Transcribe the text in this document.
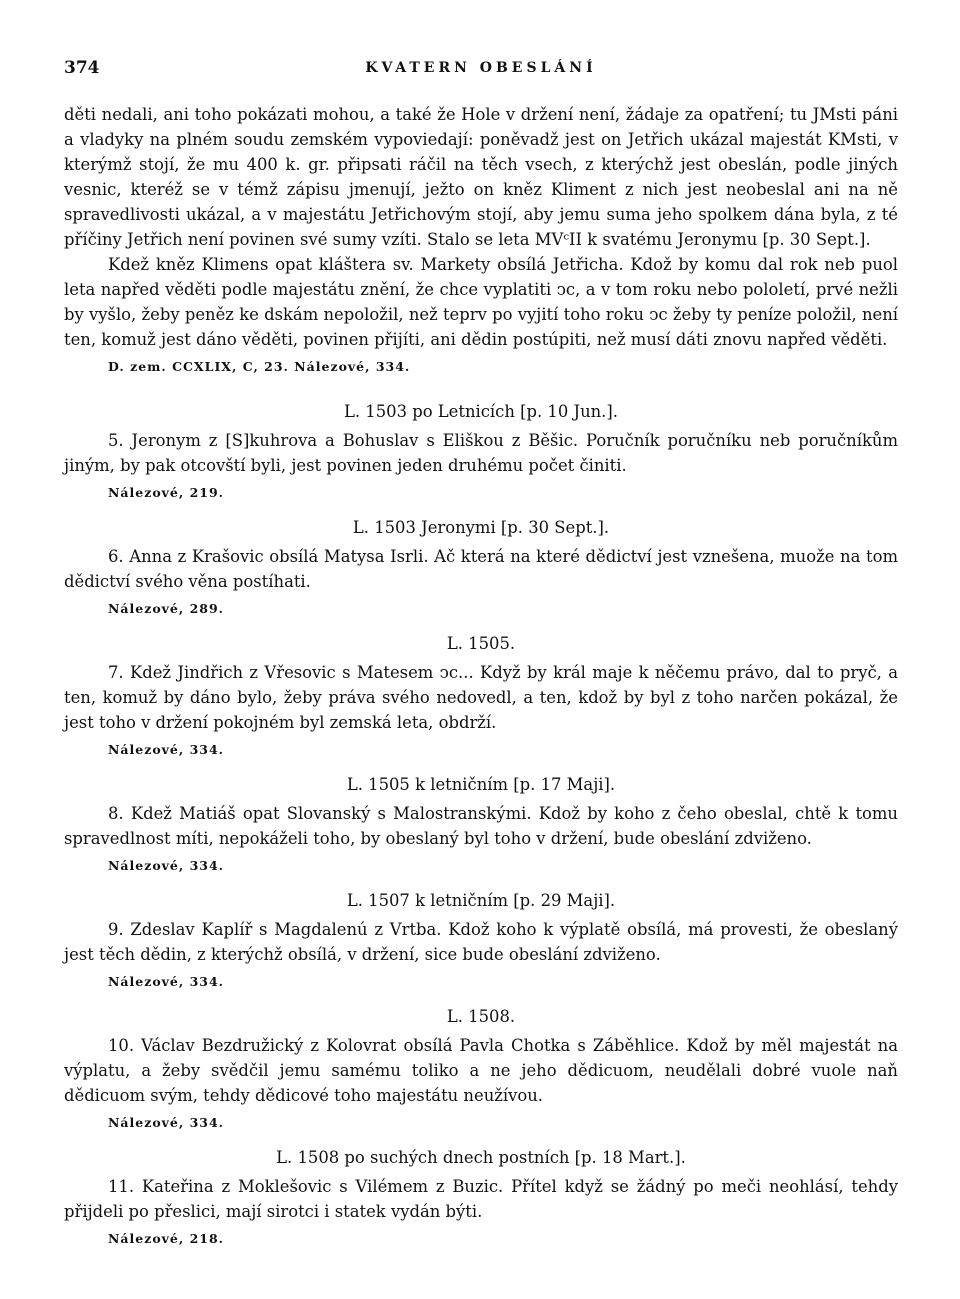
374	KVATERN OBESLÁNÍ

děti nedali, ani toho pokázati mohou, a také že Hole v držení není, žádaje za opatření; tu JMsti páni a vladyky na plném soudu zemském vypoviedají: poněvadž jest on Jetřich ukázal majestát KMsti, v kterýmž stojí, že mu 400 k. gr. připsati ráčil na těch vsech, z kterýchž jest obeslán, podle jiných vesnic, kteréž se v témž zápisu jmenují, ježto on kněz Kliment z nich jest neobeslal ani na ně spravedlivosti ukázal, a v majestátu Jetřichovým stojí, aby jemu suma jeho spolkem dána byla, z té příčiny Jetřich není povinen své sumy vzíti. Stalo se leta MVᶜII k svatému Jeronymu [p. 30 Sept.].

Kdež kněz Klimens opat kláštera sv. Markety obsílá Jetřicha. Kdož by komu dal rok neb puol leta napřed věděti podle majestátu znění, že chce vyplatiti ↄc, a v tom roku nebo pololetí, prvé nežli by vyšlo, žeby peněz ke dskám nepoložil, než teprv po vyjití toho roku ↄc žeby ty peníze položil, není ten, komuž jest dáno věděti, povinen přijíti, ani dědin postúpiti, než musí dáti znovu napřed věděti.

D. zem. CCXLIX, C, 23. Nálezové, 334.
L. 1503 po Letnicích [p. 10 Jun.].

5. Jeronym z [S]kuhrova a Bohuslav s Eliškou z Běšic. Poručník poručníku neb poručníkům jiným, by pak otcovští byli, jest povinen jeden druhému počet činiti.

Nálezové, 219.
L. 1503 Jeronymi [p. 30 Sept.].

6. Anna z Krašovic obsílá Matysa Isrli. Ač která na které dědictví jest vznešena, muože na tom dědictví svého věna postíhati.

Nálezové, 289.
L. 1505.

7. Kdež Jindřich z Vřesovic s Matesem ↄc... Když by král maje k něčemu právo, dal to pryč, a ten, komuž by dáno bylo, žeby práva svého nedovedl, a ten, kdož by byl z toho narčen pokázal, že jest toho v držení pokojném byl zemská leta, obdrží.

Nálezové, 334.
L. 1505 k letničním [p. 17 Maji].

8. Kdež Matiáš opat Slovanský s Malostranskými. Kdož by koho z čeho obeslal, chtě k tomu spravedlnost míti, nepokáželi toho, by obeslaný byl toho v držení, bude obeslání zdviženo.

Nálezové, 334.
L. 1507 k letničním [p. 29 Maji].

9. Zdeslav Kaplíř s Magdalenú z Vrtba. Kdož koho k výplatě obsílá, má provesti, že obeslaný jest těch dědin, z kterýchž obsílá, v držení, sice bude obeslání zdviženo.

Nálezové, 334.
L. 1508.

10. Václav Bezdružický z Kolovrat obsílá Pavla Chotka s Záběhlice. Kdož by měl majestát na výplatu, a žeby svědčil jemu samému toliko a ne jeho dědicuom, neudělali dobré vuole naň dědicuom svým, tehdy dědicové toho majestátu neužívou.

Nálezové, 334.
L. 1508 po suchých dnech postních [p. 18 Mart.].

11. Kateřina z Moklešovic s Vilémem z Buzic. Přítel když se žádný po meči neohlásí, tehdy přijdeli po přeslici, mají sirotci i statek vydán býti.

Nálezové, 218.
